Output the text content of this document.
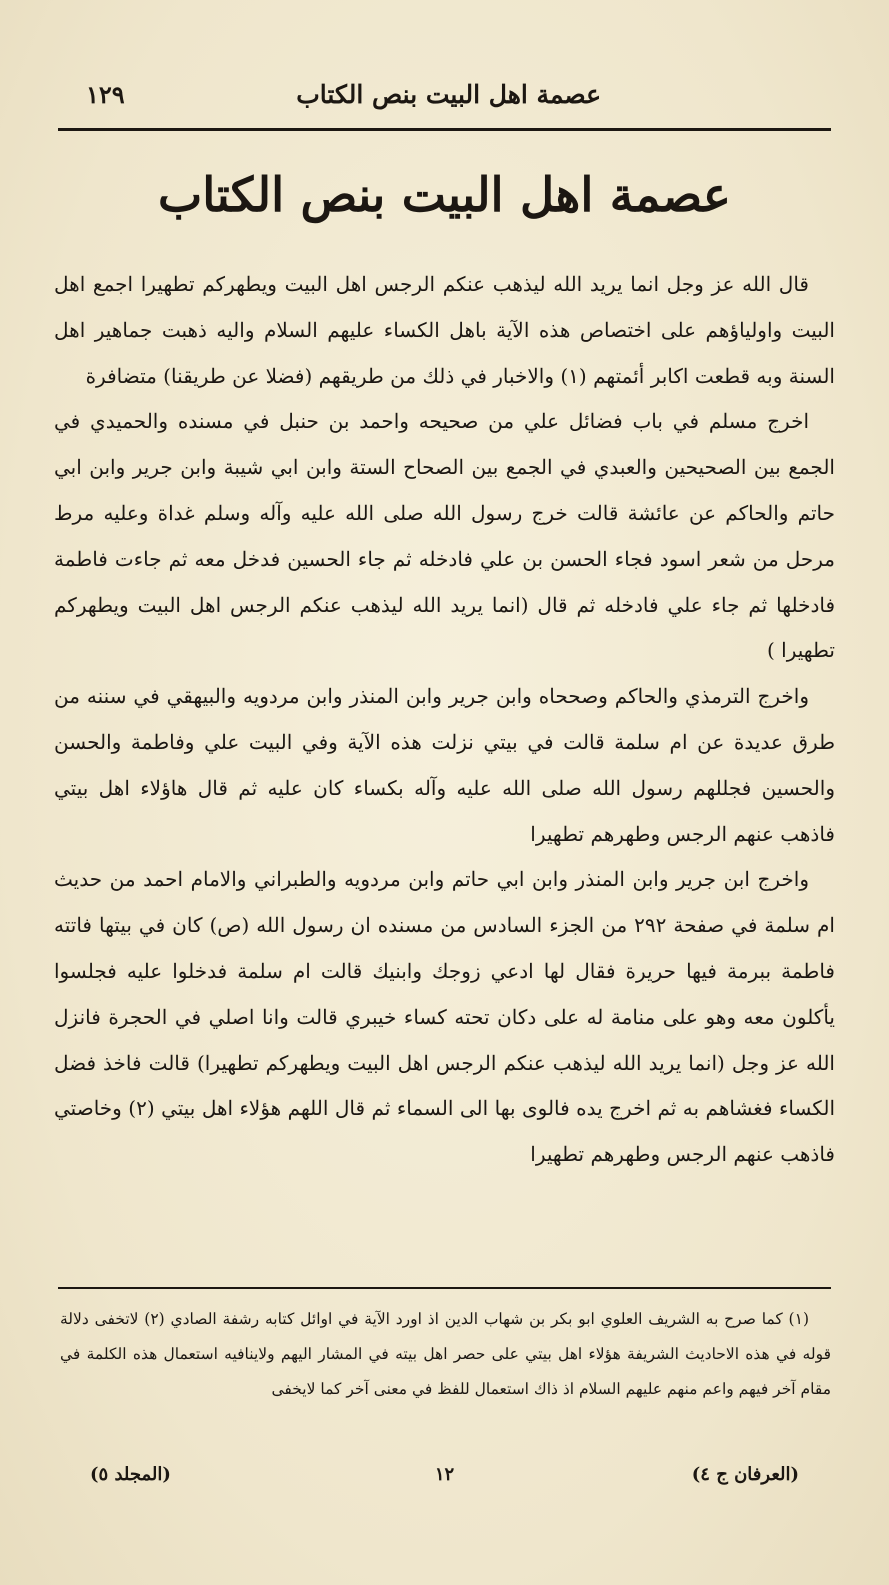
عصمة اهل البيت بنص الكتاب
١٢٩
عصمة اهل البيت بنص الكتاب

قال الله عز وجل انما يريد الله ليذهب عنكم الرجس اهل البيت ويطهركم تطهيرا اجمع اهل البيت واولياؤهم على اختصاص هذه الآية باهل الكساء عليهم السلام واليه ذهبت جماهير اهل السنة وبه قطعت اكابر أئمتهم (١) والاخبار في ذلك من طريقهم (فضلا عن طريقنا) متضافرة

اخرج مسلم في باب فضائل علي من صحيحه واحمد بن حنبل في مسنده والحميدي في الجمع بين الصحيحين والعبدي في الجمع بين الصحاح الستة وابن ابي شيبة وابن جرير وابن ابي حاتم والحاكم عن عائشة قالت خرج رسول الله صلى الله عليه وآله وسلم غداة وعليه مرط مرحل من شعر اسود فجاء الحسن بن علي فادخله ثم جاء الحسين فدخل معه ثم جاءت فاطمة فادخلها ثم جاء علي فادخله ثم قال (انما يريد الله ليذهب عنكم الرجس اهل البيت ويطهركم تطهيرا )

واخرج الترمذي والحاكم وصححاه وابن جرير وابن المنذر وابن مردويه والبيهقي في سننه من طرق عديدة عن ام سلمة قالت في بيتي نزلت هذه الآية وفي البيت علي وفاطمة والحسن والحسين فجللهم رسول الله صلى الله عليه وآله بكساء كان عليه ثم قال هاؤلاء اهل بيتي فاذهب عنهم الرجس وطهرهم تطهيرا

واخرج ابن جرير وابن المنذر وابن ابي حاتم وابن مردويه والطبراني والامام احمد من حديث ام سلمة في صفحة ٢٩٢ من الجزء السادس من مسنده ان رسول الله (ص) كان في بيتها فاتته فاطمة ببرمة فيها حريرة فقال لها ادعي زوجك وابنيك قالت ام سلمة فدخلوا عليه فجلسوا يأكلون معه وهو على منامة له على دكان تحته كساء خيبري قالت وانا اصلي في الحجرة فانزل الله عز وجل (انما يريد الله ليذهب عنكم الرجس اهل البيت ويطهركم تطهيرا) قالت فاخذ فضل الكساء فغشاهم به ثم اخرج يده فالوى بها الى السماء ثم قال اللهم هؤلاء اهل بيتي (٢) وخاصتي فاذهب عنهم الرجس وطهرهم تطهيرا

(١) كما صرح به الشريف العلوي ابو بكر بن شهاب الدين اذ اورد الآية في اوائل كتابه رشفة الصادي (٢) لاتخفى دلالة قوله في هذه الاحاديث الشريفة هؤلاء اهل بيتي على حصر اهل بيته في المشار اليهم ولاينافيه استعمال هذه الكلمة في مقام آخر فيهم واعم منهم عليهم السلام اذ ذاك استعمال للفظ في معنى آخر كما لايخفى

(العرفان ج ٤)
١٢
(المجلد ٥)
